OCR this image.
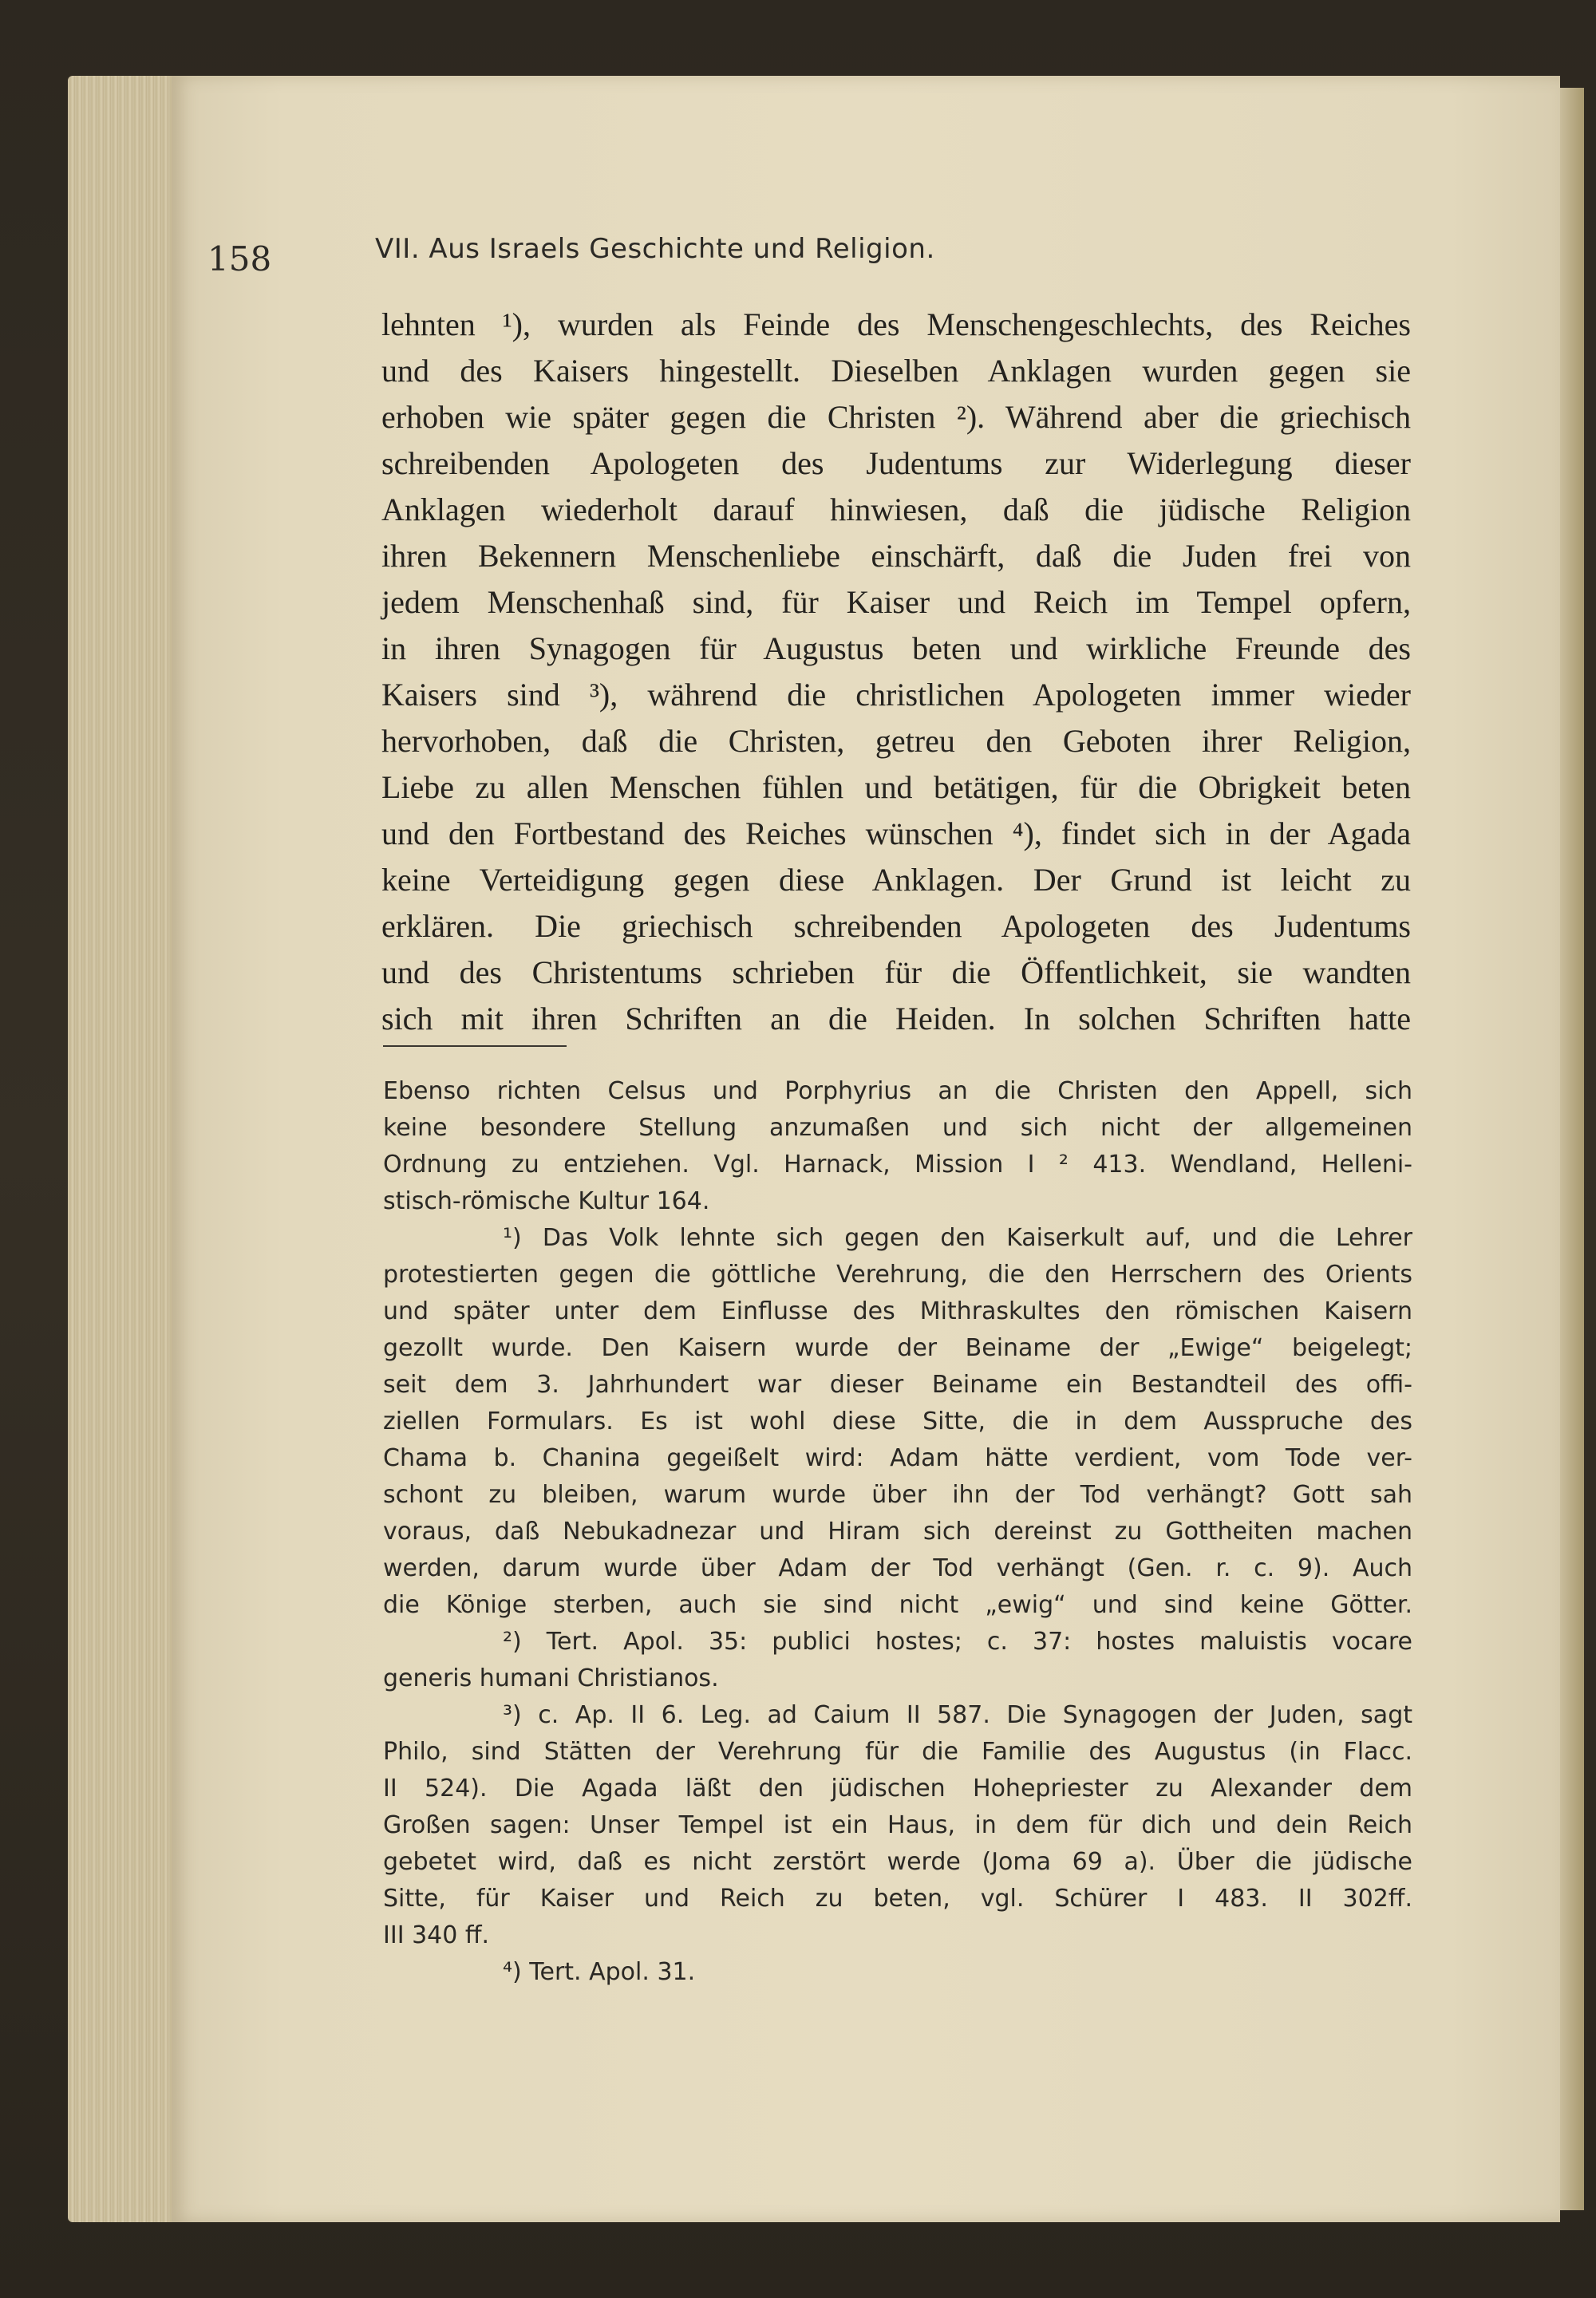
158	VII. Aus Israels Geschichte und Religion.
lehnten ¹), wurden als Feinde des Menschengeschlechts, des Reiches
und des Kaisers hingestellt. Dieselben Anklagen wurden gegen sie
erhoben wie später gegen die Christen ²). Während aber die griechisch
schreibenden Apologeten des Judentums zur Widerlegung dieser
Anklagen wiederholt darauf hinwiesen, daß die jüdische Religion
ihren Bekennern Menschenliebe einschärft, daß die Juden frei von
jedem Menschenhaß sind, für Kaiser und Reich im Tempel opfern,
in ihren Synagogen für Augustus beten und wirkliche Freunde des
Kaisers sind ³), während die christlichen Apologeten immer wieder
hervorhoben, daß die Christen, getreu den Geboten ihrer Religion,
Liebe zu allen Menschen fühlen und betätigen, für die Obrigkeit beten
und den Fortbestand des Reiches wünschen ⁴), findet sich in der Agada
keine Verteidigung gegen diese Anklagen. Der Grund ist leicht zu
erklären. Die griechisch schreibenden Apologeten des Judentums
und des Christentums schrieben für die Öffentlichkeit, sie wandten
sich mit ihren Schriften an die Heiden. In solchen Schriften hatte
Ebenso richten Celsus und Porphyrius an die Christen den Appell, sich
keine besondere Stellung anzumaßen und sich nicht der allgemeinen
Ordnung zu entziehen. Vgl. Harnack, Mission I ² 413. Wendland, Helleni-
stisch-römische Kultur 164.
¹) Das Volk lehnte sich gegen den Kaiserkult auf, und die Lehrer
protestierten gegen die göttliche Verehrung, die den Herrschern des Orients
und später unter dem Einflusse des Mithraskultes den römischen Kaisern
gezollt wurde. Den Kaisern wurde der Beiname der „Ewige“ beigelegt;
seit dem 3. Jahrhundert war dieser Beiname ein Bestandteil des offi-
ziellen Formulars. Es ist wohl diese Sitte, die in dem Ausspruche des
Chama b. Chanina gegeißelt wird: Adam hätte verdient, vom Tode ver-
schont zu bleiben, warum wurde über ihn der Tod verhängt? Gott sah
voraus, daß Nebukadnezar und Hiram sich dereinst zu Gottheiten machen
werden, darum wurde über Adam der Tod verhängt (Gen. r. c. 9). Auch
die Könige sterben, auch sie sind nicht „ewig“ und sind keine Götter.
²) Tert. Apol. 35: publici hostes; c. 37: hostes maluistis vocare
generis humani Christianos.
³) c. Ap. II 6. Leg. ad Caium II 587. Die Synagogen der Juden, sagt
Philo, sind Stätten der Verehrung für die Familie des Augustus (in Flacc.
II 524). Die Agada läßt den jüdischen Hohepriester zu Alexander dem
Großen sagen: Unser Tempel ist ein Haus, in dem für dich und dein Reich
gebetet wird, daß es nicht zerstört werde (Joma 69 a). Über die jüdische
Sitte, für Kaiser und Reich zu beten, vgl. Schürer I 483. II 302ff.
III 340 ff.
⁴) Tert. Apol. 31.
